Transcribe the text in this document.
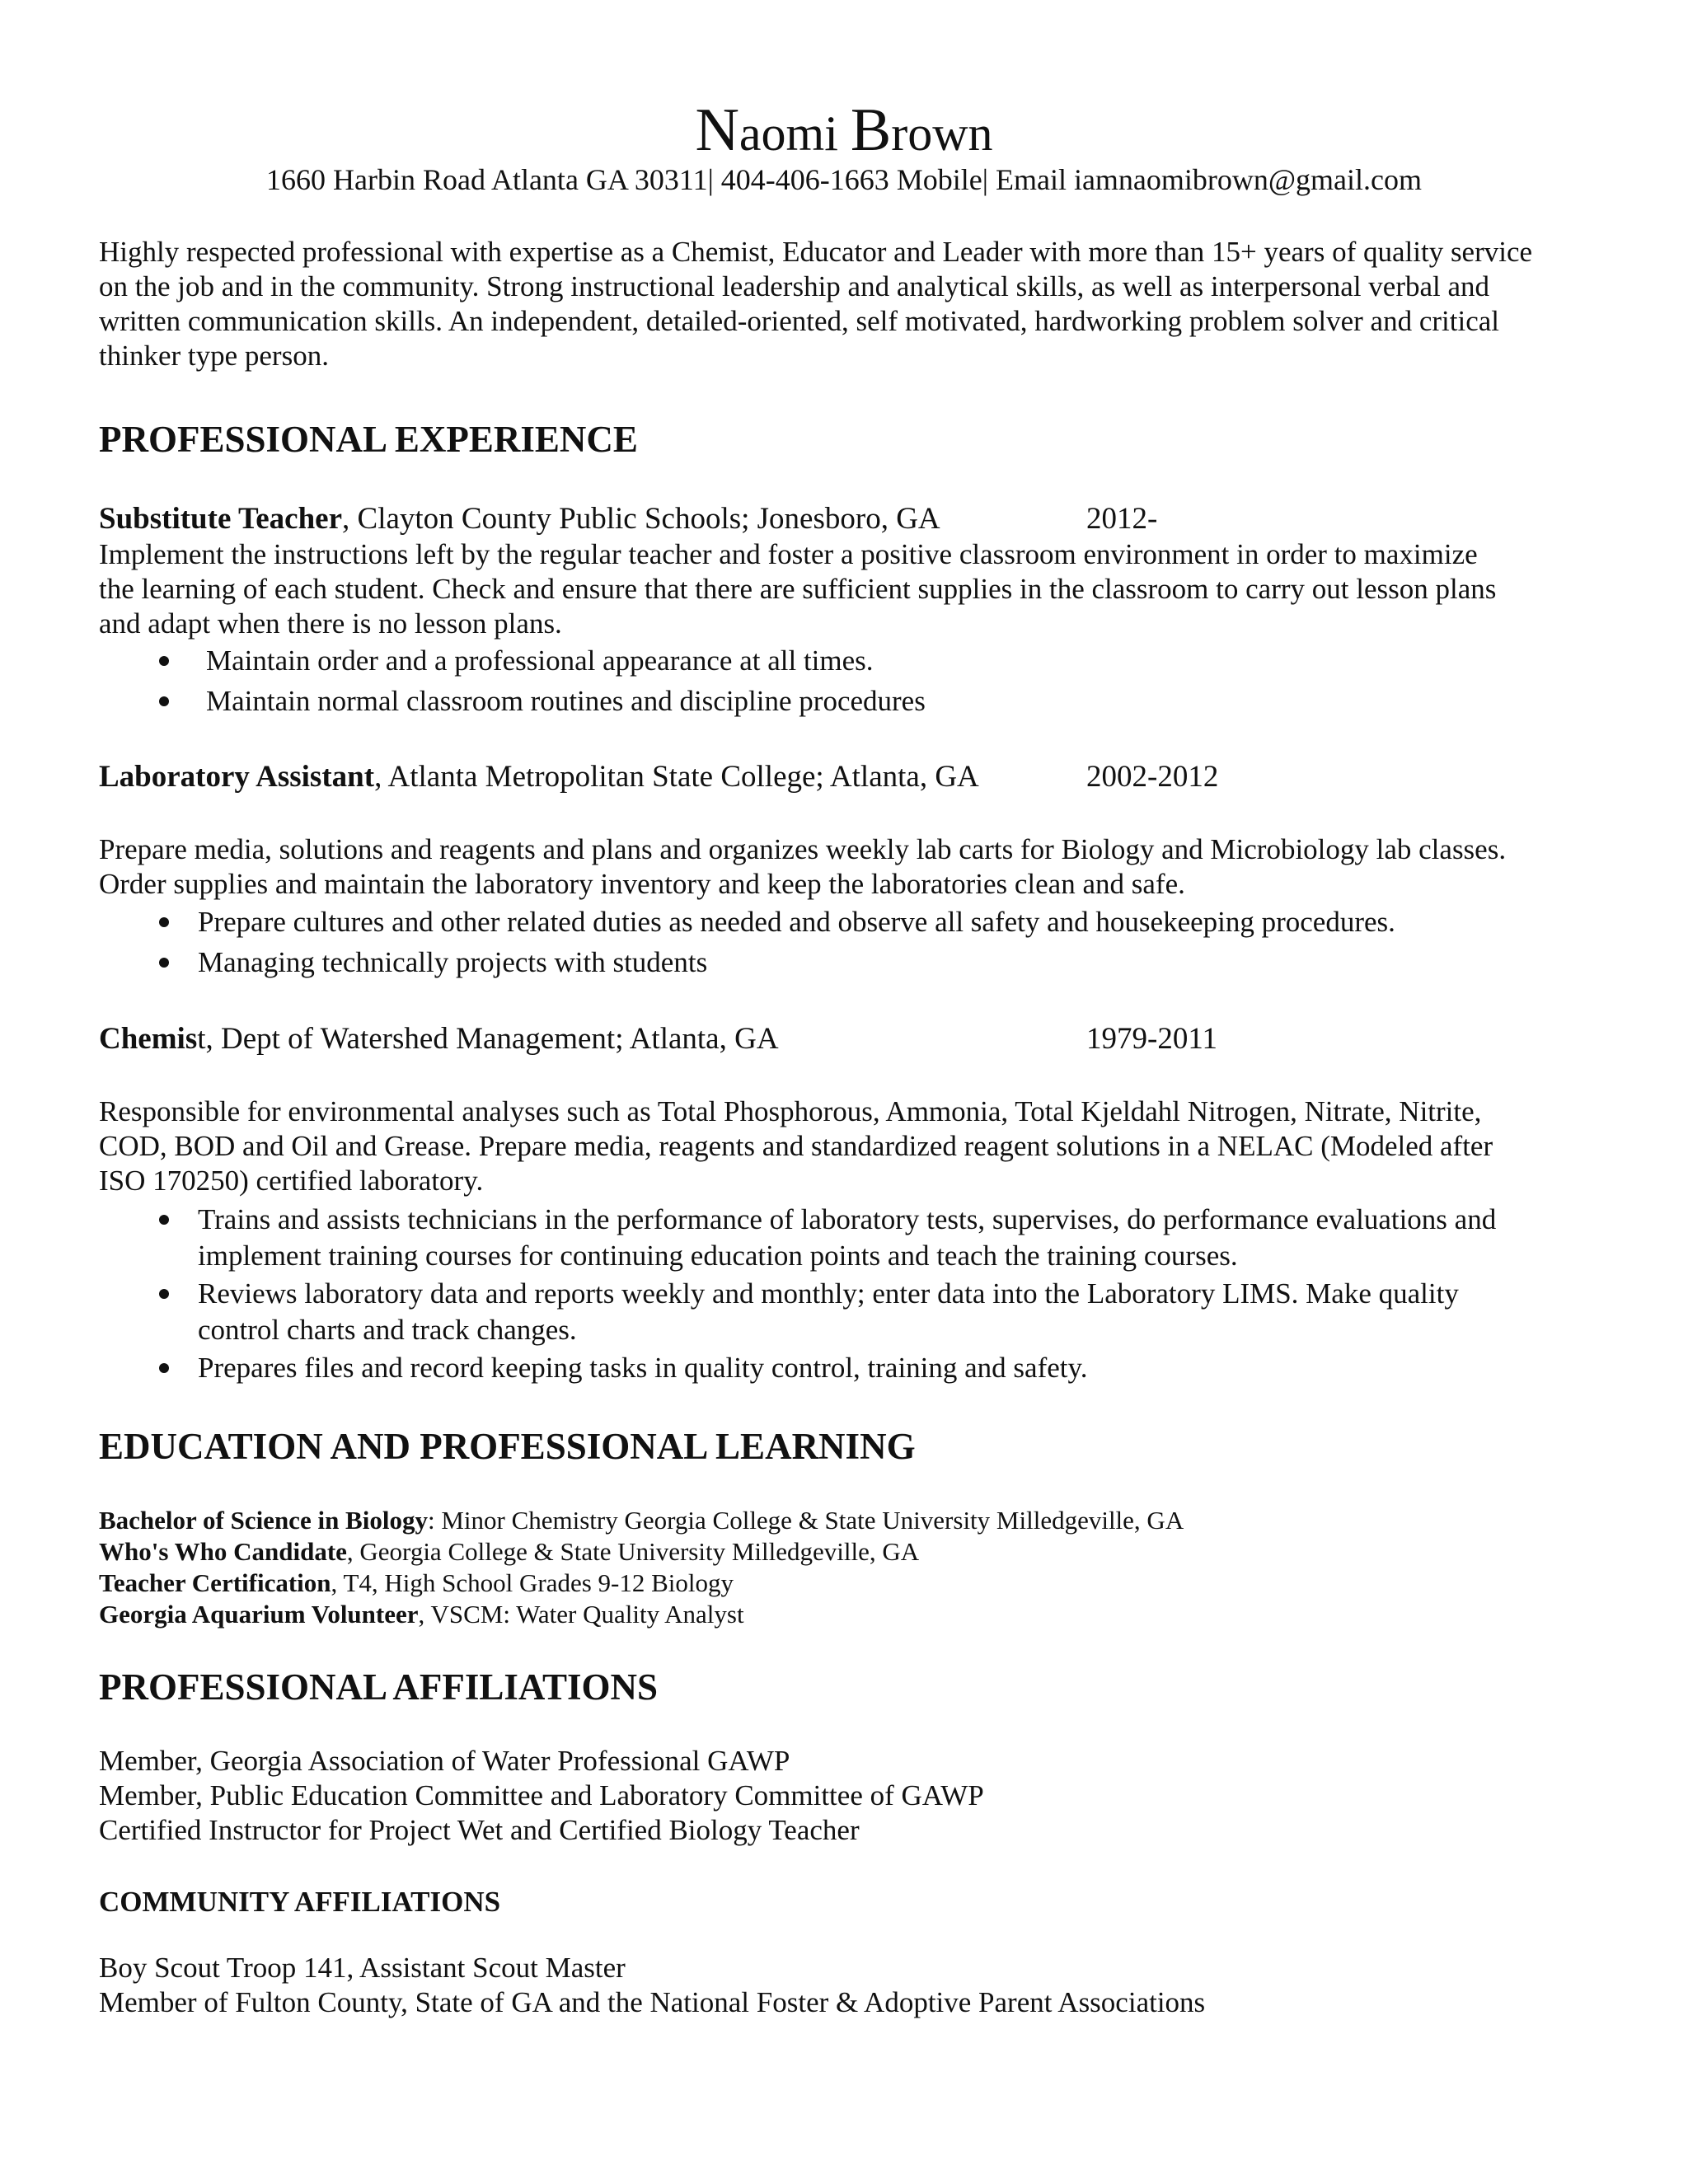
Naomi Brown
1660 Harbin Road Atlanta GA 30311| 404-406-1663 Mobile| Email iamnaomibrown@gmail.com
Highly respected professional with expertise as a Chemist, Educator and Leader with more than 15+ years of quality service
on the job and in the community. Strong instructional leadership and analytical skills, as well as interpersonal verbal and
written communication skills. An independent, detailed-oriented, self motivated, hardworking problem solver and critical
thinker type person.
PROFESSIONAL EXPERIENCE
Substitute Teacher, Clayton County Public Schools; Jonesboro, GA	2012-
Implement the instructions left by the regular teacher and foster a positive classroom environment in order to maximize
the learning of each student. Check and ensure that there are sufficient supplies in the classroom to carry out lesson plans
and adapt when there is no lesson plans.
Maintain order and a professional appearance at all times.
Maintain normal classroom routines and discipline procedures
Laboratory Assistant, Atlanta Metropolitan State College; Atlanta, GA	2002-2012
Prepare media, solutions and reagents and plans and organizes weekly lab carts for Biology and Microbiology lab classes.
Order supplies and maintain the laboratory inventory and keep the laboratories clean and safe.
Prepare cultures and other related duties as needed and observe all safety and housekeeping procedures.
Managing technically projects with students
Chemist, Dept of Watershed Management; Atlanta, GA	1979-2011
Responsible for environmental analyses such as Total Phosphorous, Ammonia, Total Kjeldahl Nitrogen, Nitrate, Nitrite,
COD, BOD and Oil and Grease. Prepare media, reagents and standardized reagent solutions in a NELAC (Modeled after
ISO 170250) certified laboratory.
Trains and assists technicians in the performance of laboratory tests, supervises, do performance evaluations and
implement training courses for continuing education points and teach the training courses.
Reviews laboratory data and reports weekly and monthly; enter data into the Laboratory LIMS. Make quality
control charts and track changes.
Prepares files and record keeping tasks in quality control, training and safety.
EDUCATION AND PROFESSIONAL LEARNING
Bachelor of Science in Biology: Minor Chemistry Georgia College & State University Milledgeville, GA
Who's Who Candidate, Georgia College & State University Milledgeville, GA
Teacher Certification, T4, High School Grades 9-12 Biology
Georgia Aquarium Volunteer, VSCM: Water Quality Analyst
PROFESSIONAL AFFILIATIONS
Member, Georgia Association of Water Professional GAWP
Member, Public Education Committee and Laboratory Committee of GAWP
Certified Instructor for Project Wet and Certified Biology Teacher
COMMUNITY AFFILIATIONS
Boy Scout Troop 141, Assistant Scout Master
Member of Fulton County, State of GA and the National Foster & Adoptive Parent Associations
